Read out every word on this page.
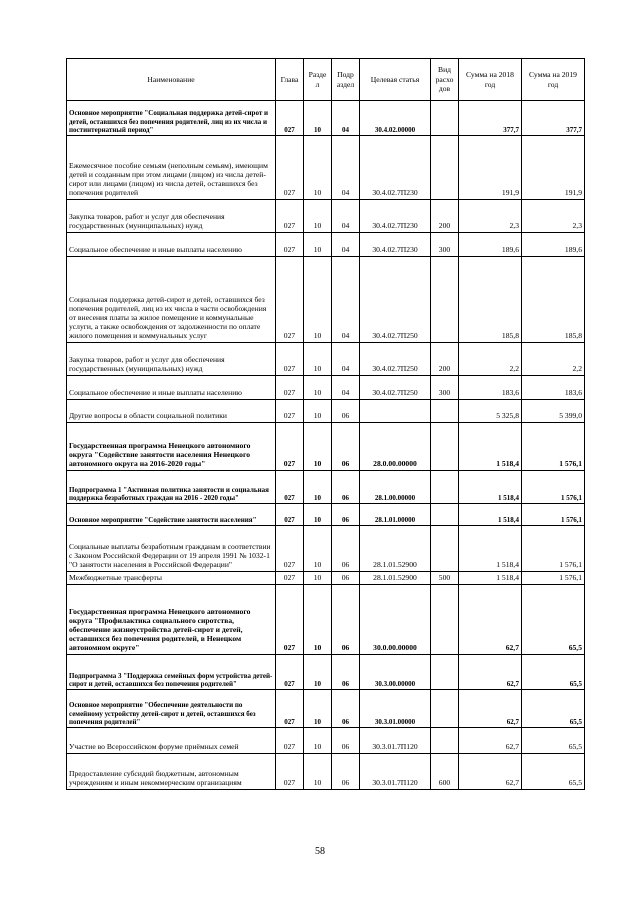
Наименование	Глава	Разде л	Подр аздел	Целевая статья	Вид расхо дов	Сумма на 2018 год	Сумма на 2019 год
Основное мероприятие "Социальная поддержка детей-сирот и детей, оставшихся без попечения родителей, лиц из их числа и постинтернатный период"	027	10	04	30.4.02.00000		377,7	377,7
Ежемесячное пособие семьям (неполным семьям), имеющим детей и созданным при этом лицами (лицом) из числа детей-сирот или лицами (лицом) из числа детей, оставшихся без попечения родителей	027	10	04	30.4.02.7П230		191,9	191,9
Закупка товаров, работ и услуг для обеспечения государственных (муниципальных) нужд	027	10	04	30.4.02.7П230	200	2,3	2,3
Социальное обеспечение и иные выплаты населению	027	10	04	30.4.02.7П230	300	189,6	189,6
Социальная поддержка детей-сирот и детей, оставшихся без попечения родителей, лиц из их числа в части освобождения от внесения платы за жилое помещение и коммунальные услуги, а также освобождения от задолженности по оплате жилого помещения и коммунальных услуг	027	10	04	30.4.02.7П250		185,8	185,8
Закупка товаров, работ и услуг для обеспечения государственных (муниципальных) нужд	027	10	04	30.4.02.7П250	200	2,2	2,2
Социальное обеспечение и иные выплаты населению	027	10	04	30.4.02.7П250	300	183,6	183,6
Другие вопросы в области социальной политики	027	10	06			5 325,8	5 399,0
Государственная программа Ненецкого автономного округа "Содействие занятости населения Ненецкого автономного округа на 2016-2020 годы"	027	10	06	28.0.00.00000		1 518,4	1 576,1
Подпрограмма 1 "Активная политика занятости и социальная поддержка безработных граждан на 2016 - 2020 годы"	027	10	06	28.1.00.00000		1 518,4	1 576,1
Основное мероприятие "Содействие занятости населения"	027	10	06	28.1.01.00000		1 518,4	1 576,1
Социальные выплаты безработным гражданам в соответствии с Законом Российской Федерации от 19 апреля 1991 № 1032-1 "О занятости населения в Российской Федерации"	027	10	06	28.1.01.52900		1 518,4	1 576,1
Межбюджетные трансферты	027	10	06	28.1.01.52900	500	1 518,4	1 576,1
Государственная программа Ненецкого автономного округа "Профилактика социального сиротства, обеспечение жизнеустройства детей-сирот и детей, оставшихся без попечения родителей, в Ненецком автономном округе"	027	10	06	30.0.00.00000		62,7	65,5
Подпрограмма 3 "Поддержка семейных форм устройства детей-сирот и детей, оставшихся без попечения родителей"	027	10	06	30.3.00.00000		62,7	65,5
Основное мероприятие "Обеспечение деятельности по семейному устройству детей-сирот и детей, оставшихся без попечения родителей"	027	10	06	30.3.01.00000		62,7	65,5
Участие во Всероссийском форуме приёмных семей	027	10	06	30.3.01.7П120		62,7	65,5
Предоставление субсидий бюджетным, автономным учреждениям и иным некоммерческим организациям	027	10	06	30.3.01.7П120	600	62,7	65,5
58
